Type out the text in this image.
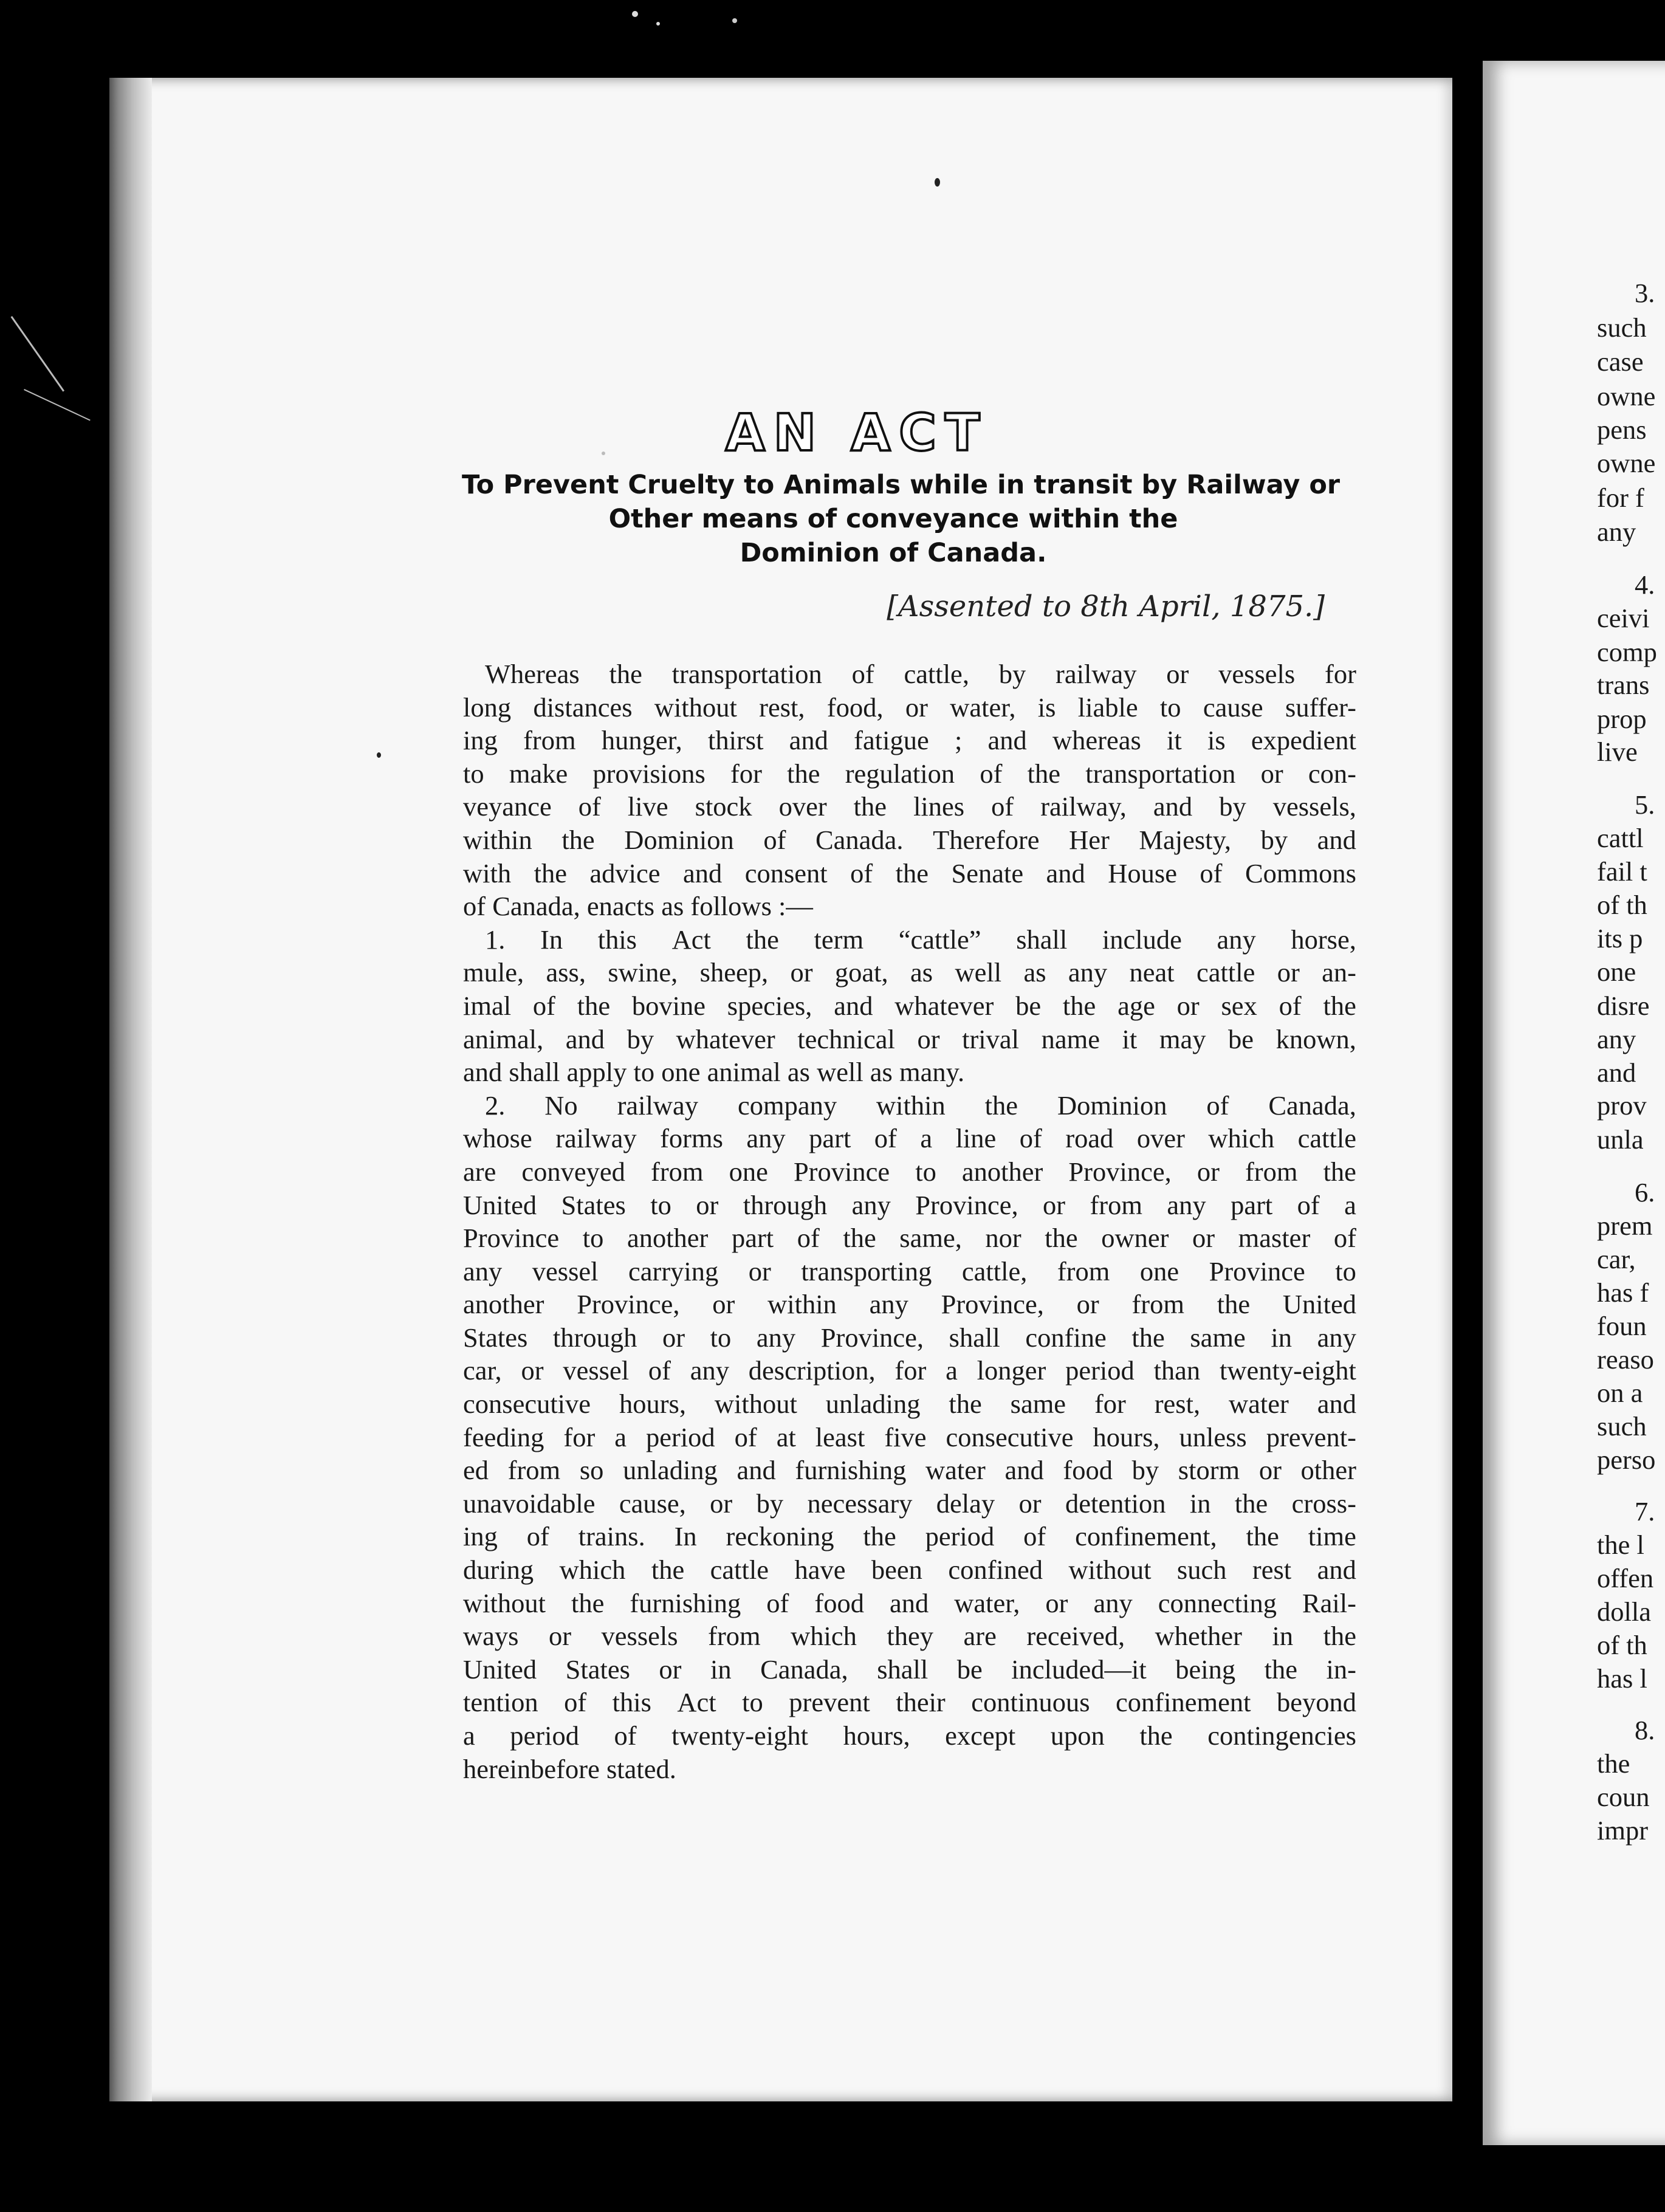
AN ACT
To Prevent Cruelty to Animals while in transit by Railway or
Other means of conveyance within the
Dominion of Canada.
[Assented to 8th April, 1875.]
Whereas the transportation of cattle, by railway or vessels for
long distances without rest, food, or water, is liable to cause suffer-
ing from hunger, thirst and fatigue ; and whereas it is expedient
to make provisions for the regulation of the transportation or con-
veyance of live stock over the lines of railway, and by vessels,
within the Dominion of Canada. Therefore Her Majesty, by and
with the advice and consent of the Senate and House of Commons
of Canada, enacts as follows :—
1. In this Act the term “cattle” shall include any horse,
mule, ass, swine, sheep, or goat, as well as any neat cattle or an-
imal of the bovine species, and whatever be the age or sex of the
animal, and by whatever technical or trival name it may be known,
and shall apply to one animal as well as many.
2. No railway company within the Dominion of Canada,
whose railway forms any part of a line of road over which cattle
are conveyed from one Province to another Province, or from the
United States to or through any Province, or from any part of a
Province to another part of the same, nor the owner or master of
any vessel carrying or transporting cattle, from one Province to
another Province, or within any Province, or from the United
States through or to any Province, shall confine the same in any
car, or vessel of any description, for a longer period than twenty-eight
consecutive hours, without unlading the same for rest, water and
feeding for a period of at least five consecutive hours, unless prevent-
ed from so unlading and furnishing water and food by storm or other
unavoidable cause, or by necessary delay or detention in the cross-
ing of trains. In reckoning the period of confinement, the time
during which the cattle have been confined without such rest and
without the furnishing of food and water, or any connecting Rail-
ways or vessels from which they are received, whether in the
United States or in Canada, shall be included—it being the in-
tention of this Act to prevent their continuous confinement beyond
a period of twenty-eight hours, except upon the contingencies
hereinbefore stated.
3.
such
case
owne
pens
owne
for f
any
4.
ceivi
comp
trans
prop
live
5.
cattl
fail t
of th
its p
one
disre
any
and
prov
unla
6.
prem
car,
has f
foun
reaso
on a
such
perso
7.
the l
offen
dolla
of th
has l
8.
the
coun
impr
